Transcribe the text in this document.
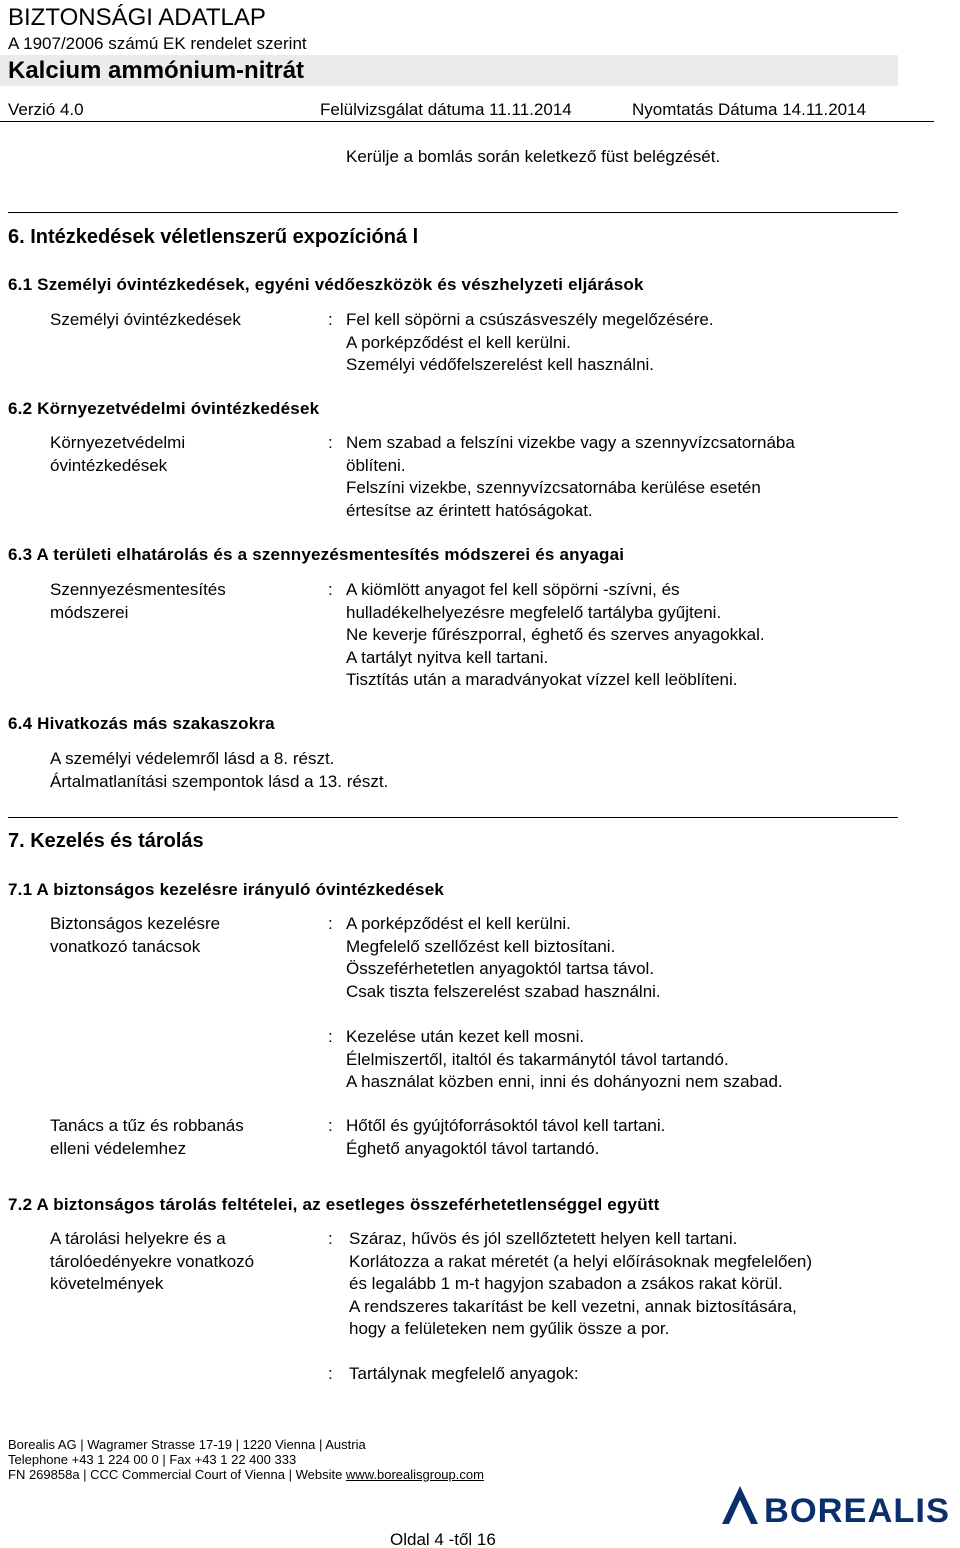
BIZTONSÁGI ADATLAP
A 1907/2006 számú EK rendelet szerint
Kalcium ammónium-nitrát
Verzió 4.0	Felülvizsgálat dátuma 11.11.2014	Nyomtatás Dátuma 14.11.2014
Kerülje a bomlás során keletkező füst belégzését.
6. Intézkedések véletlenszerű expozícióná l
6.1 Személyi óvintézkedések, egyéni védőeszközök és vészhelyzeti eljárások
Személyi óvintézkedések	: Fel kell söpörni a csúszásveszély megelőzésére.
A porképződést el kell kerülni.
Személyi védőfelszerelést kell használni.
6.2 Környezetvédelmi óvintézkedések
Környezetvédelmi
óvintézkedések
: Nem szabad a felszíni vizekbe vagy a szennyvízcsatornába
öblíteni.
Felszíni vizekbe, szennyvízcsatornába kerülése esetén
értesítse az érintett hatóságokat.
6.3 A területi elhatárolás és a szennyezésmentesítés módszerei és anyagai
Szennyezésmentesítés
módszerei
: A kiömlött anyagot fel kell söpörni -szívni, és
hulladékelhelyezésre megfelelő tartályba gyűjteni.
Ne keverje fűrészporral, éghető és szerves anyagokkal.
A tartályt nyitva kell tartani.
Tisztítás után a maradványokat vízzel kell leöblíteni.
6.4 Hivatkozás más szakaszokra
A személyi védelemről lásd a 8. részt.
Ártalmatlanítási szempontok lásd a 13. részt.
7. Kezelés és tárolás
7.1 A biztonságos kezelésre irányuló óvintézkedések
Biztonságos kezelésre
vonatkozó tanácsok
: A porképződést el kell kerülni.
Megfelelő szellőzést kell biztosítani.
Összeférhetetlen anyagoktól tartsa távol.
Csak tiszta felszerelést szabad használni.
: Kezelése után kezet kell mosni.
Élelmiszertől, italtól és takarmánytól távol tartandó.
A használat közben enni, inni és dohányozni nem szabad.
Tanács a tűz és robbanás
elleni védelemhez
: Hőtől és gyújtóforrásoktól távol kell tartani.
Éghető anyagoktól távol tartandó.
7.2 A biztonságos tárolás feltételei, az esetleges összeférhetetlenséggel együtt
A tárolási helyekre és a
tárolóedényekre vonatkozó
követelmények
: Száraz, hűvös és jól szellőztetett helyen kell tartani.
Korlátozza a rakat méretét (a helyi előírásoknak megfelelően)
és legalább 1 m-t hagyjon szabadon a zsákos rakat körül.
A rendszeres takarítást be kell vezetni, annak biztosítására,
hogy a felületeken nem gyűlik össze a por.
: Tartálynak megfelelő anyagok:
Borealis AG | Wagramer Strasse 17-19 | 1220 Vienna | Austria
Telephone +43 1 224 00 0 | Fax +43 1 22 400 333
FN 269858a | CCC Commercial Court of Vienna | Website www.borealisgroup.com
BOREALIS
Oldal 4 -től 16
